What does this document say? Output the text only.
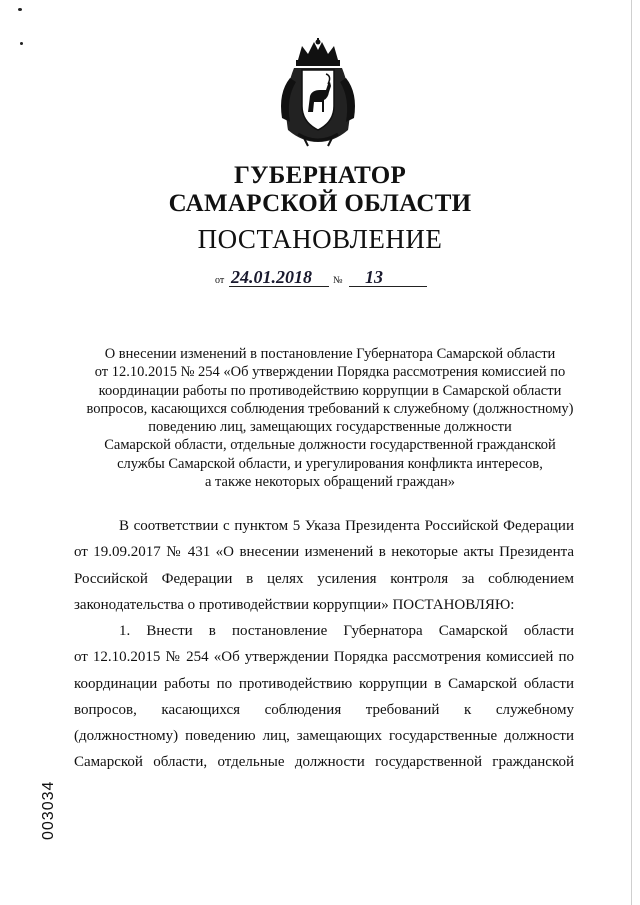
ГУБЕРНАТОР
САМАРСКОЙ ОБЛАСТИ
ПОСТАНОВЛЕНИЕ
от 24.01.2018 № 13
О внесении изменений в постановление Губернатора Самарской области
от 12.10.2015 № 254 «Об утверждении Порядка рассмотрения комиссией по
координации работы по противодействию коррупции в Самарской области
вопросов, касающихся соблюдения требований к служебному (должностному)
поведению лиц, замещающих государственные должности
Самарской области, отдельные должности государственной гражданской
службы Самарской области, и урегулирования конфликта интересов,
а также некоторых обращений граждан»
В соответствии с пунктом 5 Указа Президента Российской Федерации
от 19.09.2017 № 431 «О внесении изменений в некоторые акты Президента
Российской Федерации в целях усиления контроля за соблюдением
законодательства о противодействии коррупции» ПОСТАНОВЛЯЮ:
1. Внести в постановление Губернатора Самарской области
от 12.10.2015 № 254 «Об утверждении Порядка рассмотрения комиссией по
координации работы по противодействию коррупции в Самарской области
вопросов, касающихся соблюдения требований к служебному
(должностному) поведению лиц, замещающих государственные должности
Самарской области, отдельные должности государственной гражданской
003034
